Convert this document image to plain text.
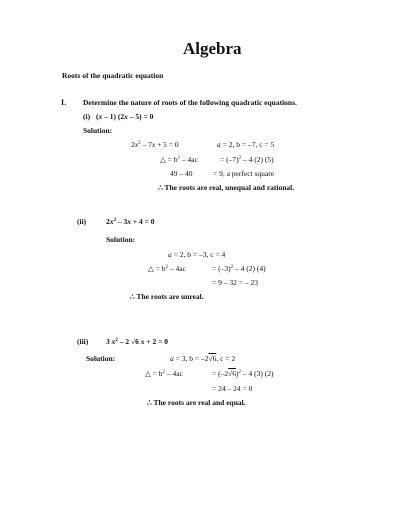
Algebra
Roots of the quadratic equation
I. Determine the nature of roots of the following quadratic equations.
(i) (x – 1) (2x – 5) = 0
Solution:
$2x^2 - 7x + 5 = 0$	a = 2, b = –7, c = 5
△ = $b^2 - 4ac$	= $(-7)^2 - 4$ (2) (5)
49 – 40	= 9, a perfect square
∴ The roots are real, unequal and rational.
(ii)	$2x^2 - 3x + 4 = 0$
Solution:
a = 2, b = –3, c = 4
△ = $b^2 - 4ac$	= $(-3)^2 - 4$ (2) (4)
= 9 – 32 = – 23
∴ The roots are unreal.
(iii) 3 $x^2 - 2$ √6 x + 2 = 0
Solution:	a = 3, b = –2√6, c = 2
△ = $b^2 - 4ac$	= $(-2√6)^2 - 4$ (3) (2)
= 24 – 24 = 0
∴ The roots are real and equal.
